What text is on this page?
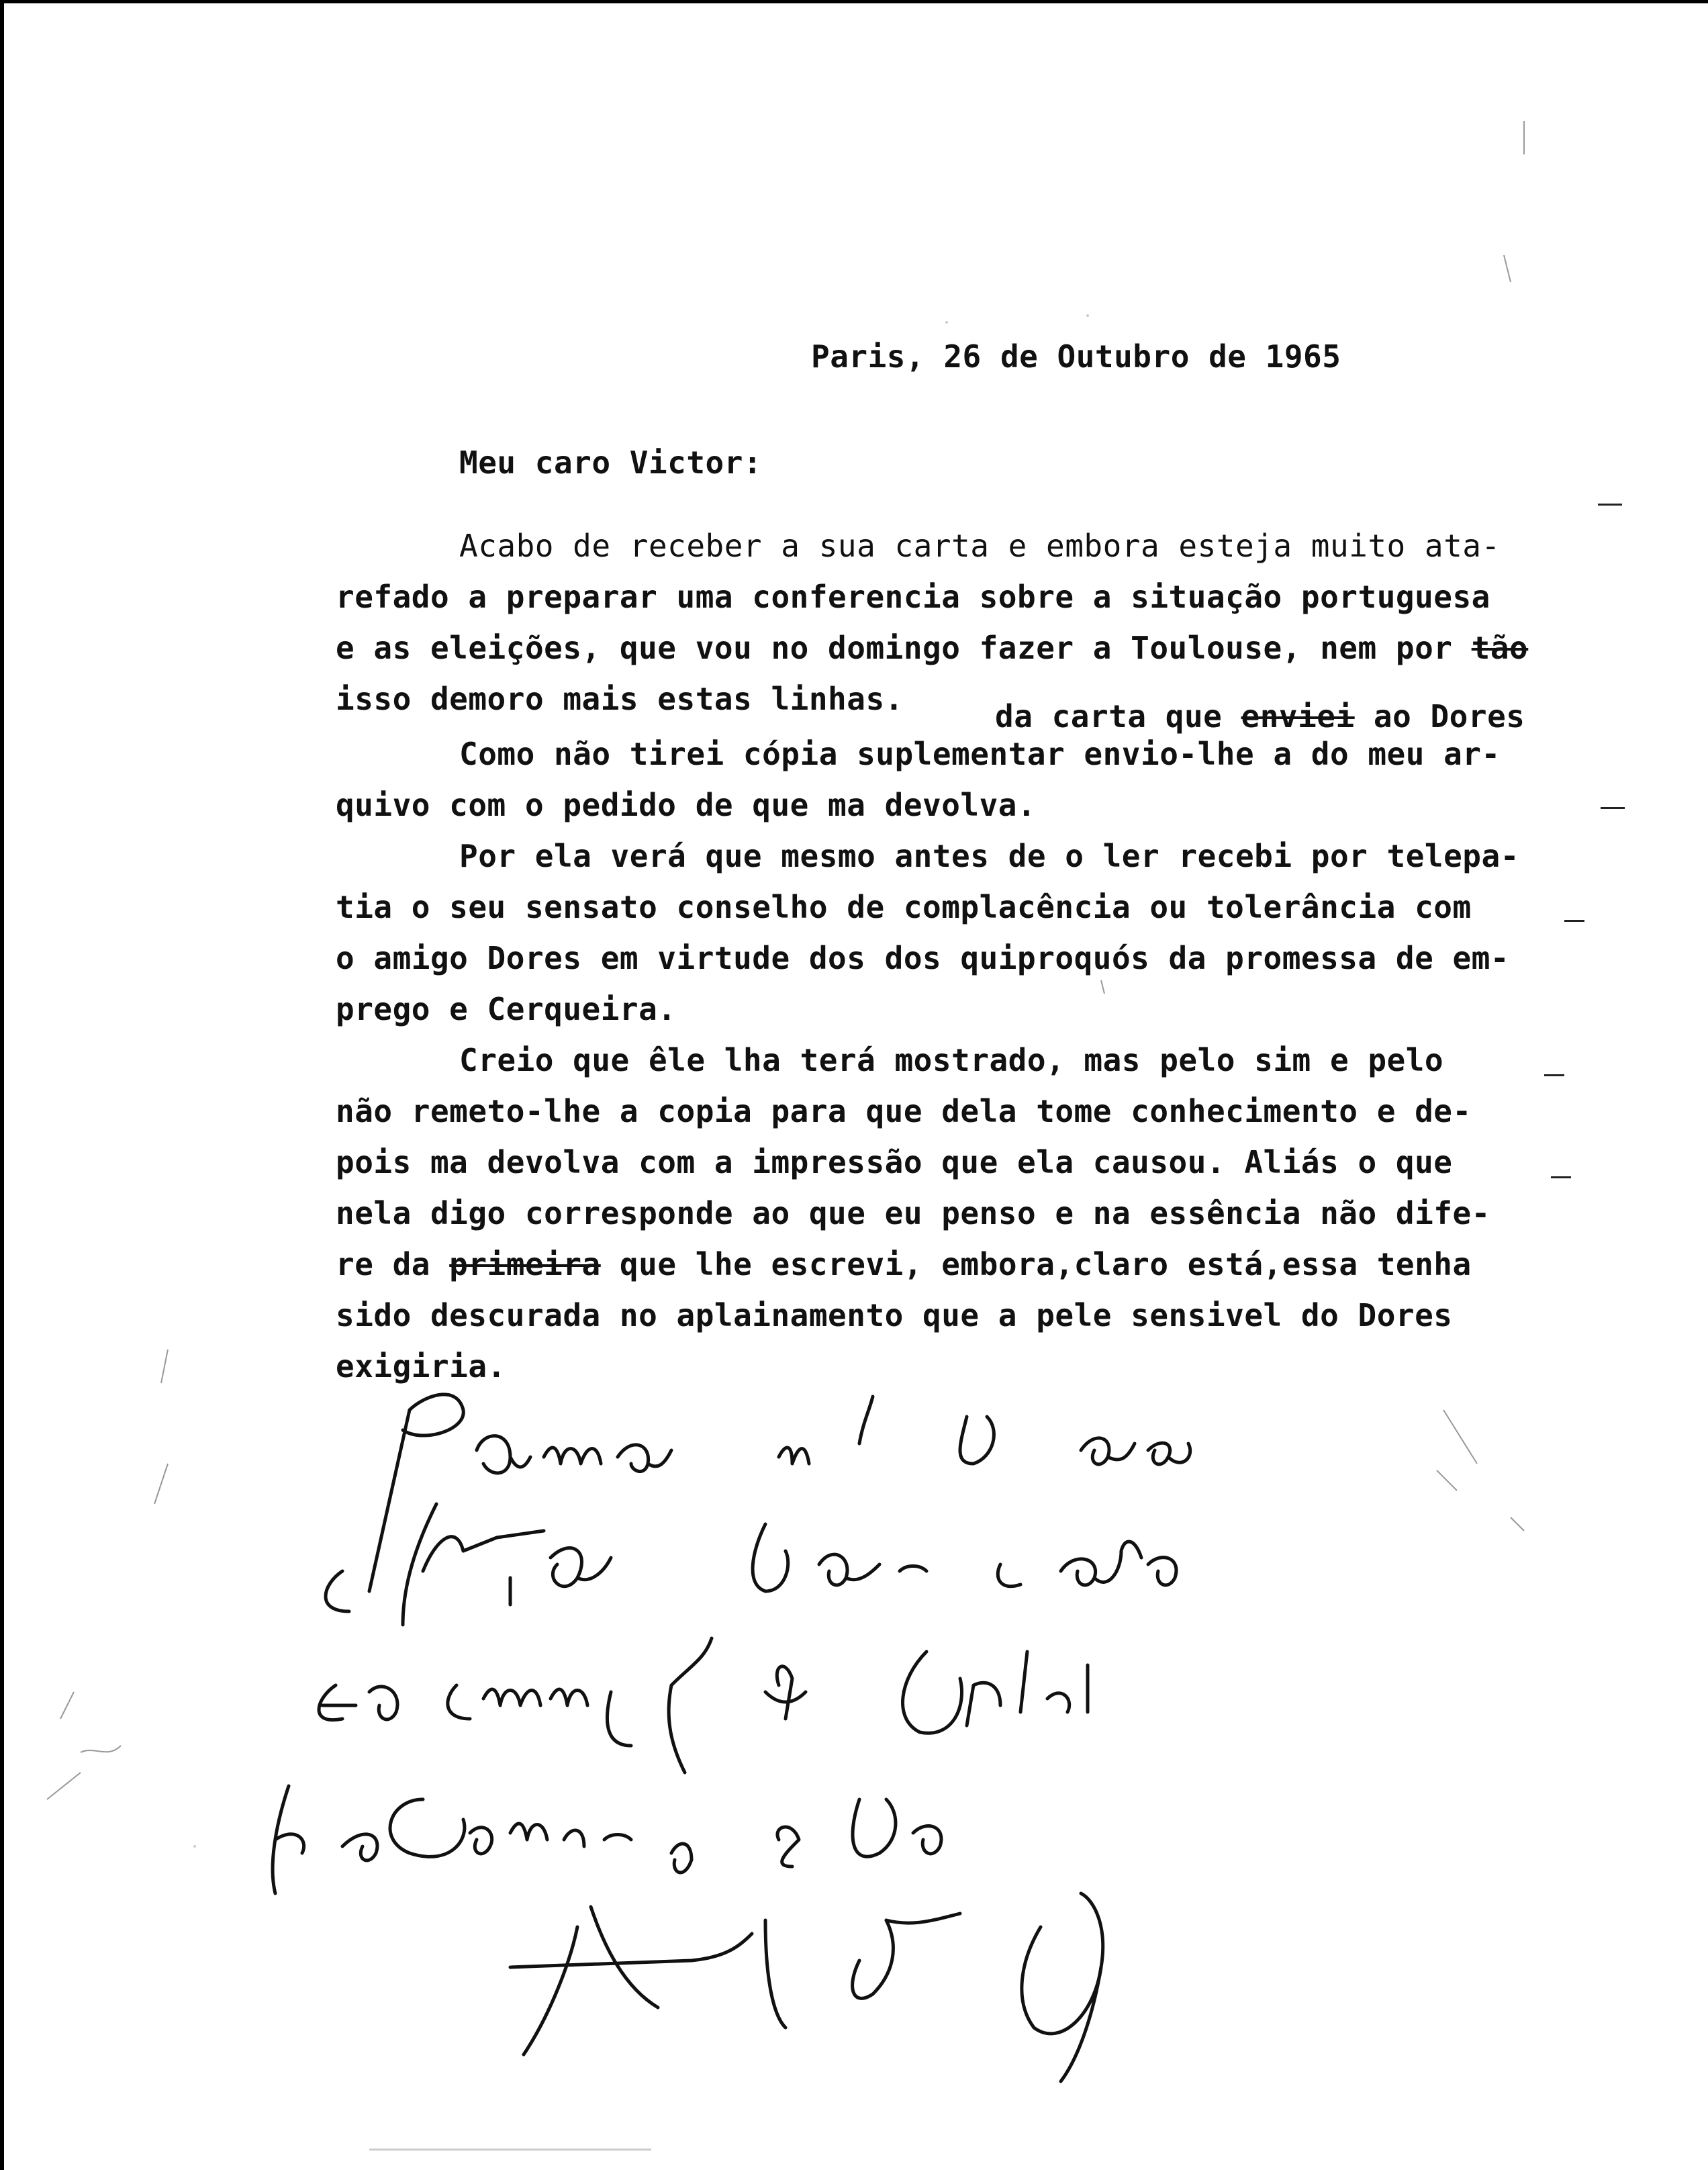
Paris, 26 de Outubro de 1965
Meu caro Victor:
Acabo de receber a sua carta e embora esteja muito ata-
refado a preparar uma conferencia sobre a situação portuguesa
e as eleições, que vou no domingo fazer a Toulouse, nem por tão
isso demoro mais estas linhas.	da carta que enviei ao Dores
Como não tirei cópia suplementar envio-lhe a do meu ar-
quivo com o pedido de que ma devolva.
Por ela verá que mesmo antes de o ler recebi por telepa-
tia o seu sensato conselho de complacência ou tolerância com
o amigo Dores em virtude dos dos quiproquós da promessa de em-
prego e Cerqueira.
Creio que êle lha terá mostrado, mas pelo sim e pelo
não remeto-lhe a copia para que dela tome conhecimento e de-
pois ma devolva com a impressão que ela causou. Aliás o que
nela digo corresponde ao que eu penso e na essência não dife-
re da primeira que lhe escrevi, embora,claro está,essa tenha
sido descurada no aplainamento que a pele sensivel do Dores
exigiria.
